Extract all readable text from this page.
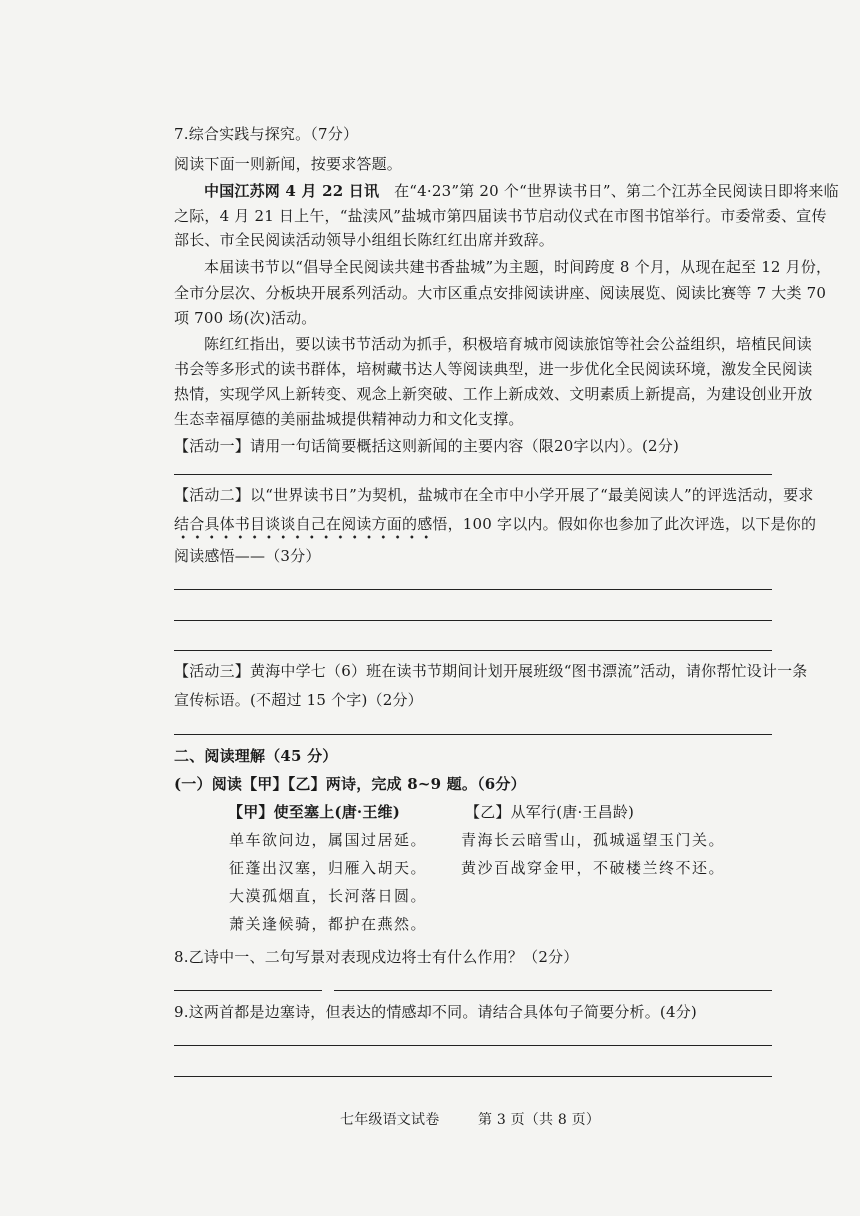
7.综合实践与探究。（7分）
阅读下面一则新闻，按要求答题。
中国江苏网 4 月 22 日讯 在“4·23”第 20 个“世界读书日”、第二个江苏全民阅读日即将来临
之际，4 月 21 日上午，“盐渎风”盐城市第四届读书节启动仪式在市图书馆举行。市委常委、宣传
部长、市全民阅读活动领导小组组长陈红红出席并致辞。
本届读书节以“倡导全民阅读共建书香盐城”为主题，时间跨度 8 个月，从现在起至 12 月份，
全市分层次、分板块开展系列活动。大市区重点安排阅读讲座、阅读展览、阅读比赛等 7 大类 70
项 700 场(次)活动。
陈红红指出，要以读书节活动为抓手，积极培育城市阅读旅馆等社会公益组织，培植民间读
书会等多形式的读书群体，培树藏书达人等阅读典型，进一步优化全民阅读环境，激发全民阅读
热情，实现学风上新转变、观念上新突破、工作上新成效、文明素质上新提高，为建设创业开放
生态幸福厚德的美丽盐城提供精神动力和文化支撑。
【活动一】请用一句话简要概括这则新闻的主要内容（限20字以内）。(2分)
【活动二】以“世界读书日”为契机，盐城市在全市中小学开展了“最美阅读人”的评选活动，要求
结合具体书目谈谈自己在阅读方面的感悟，100 字以内。假如你也参加了此次评选，以下是你的
阅读感悟——（3分）
【活动三】黄海中学七（6）班在读书节期间计划开展班级“图书漂流”活动，请你帮忙设计一条
宣传标语。(不超过 15 个字)（2分）
二、阅读理解（45 分）
(一）阅读【甲】【乙】两诗，完成 8~9 题。（6分）
【甲】使至塞上(唐·王维)
单车欲问边，属国过居延。
征蓬出汉塞，归雁入胡天。
大漠孤烟直，长河落日圆。
萧关逢候骑，都护在燕然。
【乙】从军行(唐·王昌龄)
青海长云暗雪山，孤城遥望玉门关。
黄沙百战穿金甲，不破楼兰终不还。
8.乙诗中一、二句写景对表现戍边将士有什么作用？（2分）
9.这两首都是边塞诗，但表达的情感却不同。请结合具体句子简要分析。(4分)
七年级语文试卷	第 3 页（共 8 页）
